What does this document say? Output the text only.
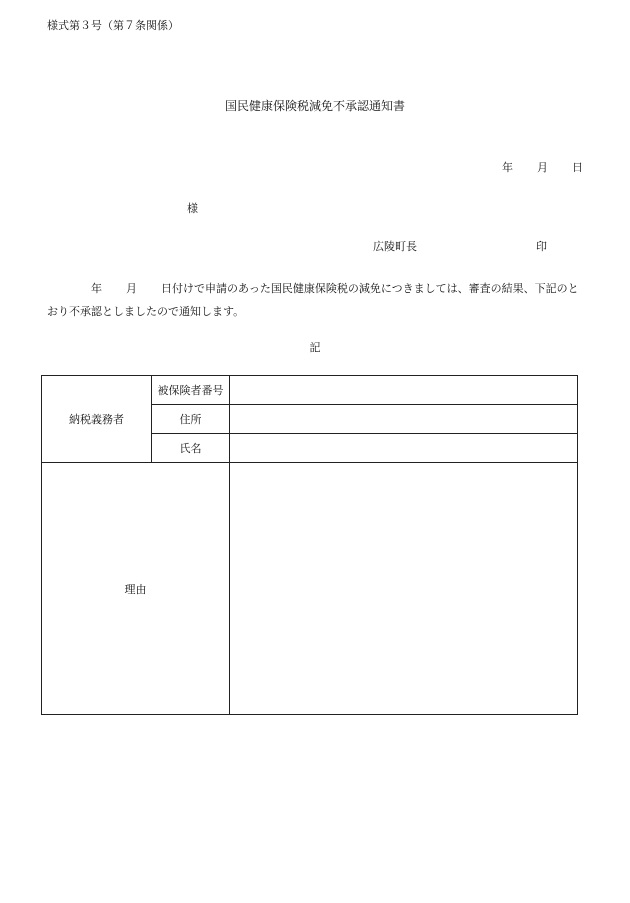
様式第３号（第７条関係）
国民健康保険税減免不承認通知書
年 月 日
様
広陵町長	印
年 月 日付けで申請のあった国民健康保険税の減免につきましては、審査の結果、下記のとおり不承認としましたので通知します。
記
納税義務者	被保険者番号	
	住所	
	氏名	
理由		
